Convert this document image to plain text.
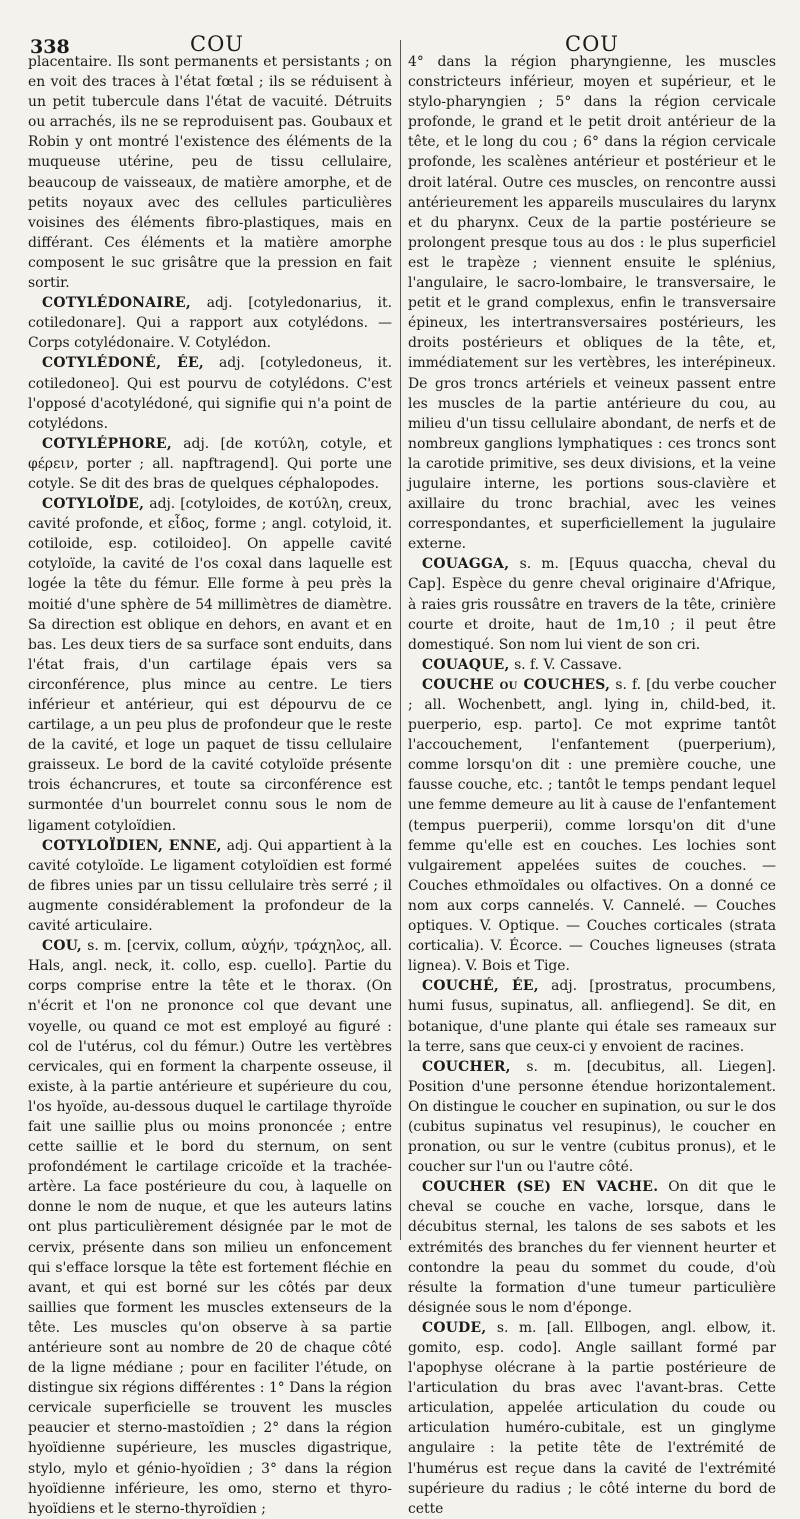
338	COU	COU

placentaire. Ils sont permanents et persistants ; on en voit des traces à l'état fœtal ; ils se réduisent à un petit tubercule dans l'état de vacuité. Détruits ou arrachés, ils ne se reproduisent pas. Goubaux et Robin y ont montré l'existence des éléments de la muqueuse utérine, peu de tissu cellulaire, beaucoup de vaisseaux, de matière amorphe, et de petits noyaux avec des cellules particulières voisines des éléments fibro-plastiques, mais en différant. Ces éléments et la matière amorphe composent le suc grisâtre que la pression en fait sortir.

COTYLÉDONAIRE, adj. [cotyledonarius, it. cotiledonare]. Qui a rapport aux cotylédons. — Corps cotylédonaire. V. Cotylédon.

COTYLÉDONÉ, ÉE, adj. [cotyledoneus, it. cotiledoneo]. Qui est pourvu de cotylédons. C'est l'opposé d'acotylédoné, qui signifie qui n'a point de cotylédons.

COTYLÉPHORE, adj. [de κοτύλη, cotyle, et φέρειν, porter ; all. napftragend]. Qui porte une cotyle. Se dit des bras de quelques céphalopodes.

COTYLOÏDE, adj. [cotyloides, de κοτύλη, creux, cavité profonde, et εἶδος, forme ; angl. cotyloid, it. cotiloide, esp. cotiloideo]. On appelle cavité cotyloïde, la cavité de l'os coxal dans laquelle est logée la tête du fémur. Elle forme à peu près la moitié d'une sphère de 54 millimètres de diamètre. Sa direction est oblique en dehors, en avant et en bas. Les deux tiers de sa surface sont enduits, dans l'état frais, d'un cartilage épais vers sa circonférence, plus mince au centre. Le tiers inférieur et antérieur, qui est dépourvu de ce cartilage, a un peu plus de profondeur que le reste de la cavité, et loge un paquet de tissu cellulaire graisseux. Le bord de la cavité cotyloïde présente trois échancrures, et toute sa circonférence est surmontée d'un bourrelet connu sous le nom de ligament cotyloïdien.

COTYLOÏDIEN, ENNE, adj. Qui appartient à la cavité cotyloïde. Le ligament cotyloïdien est formé de fibres unies par un tissu cellulaire très serré ; il augmente considérablement la profondeur de la cavité articulaire.

COU, s. m. [cervix, collum, αὐχήν, τράχηλος, all. Hals, angl. neck, it. collo, esp. cuello]. Partie du corps comprise entre la tête et le thorax. (On n'écrit et l'on ne prononce col que devant une voyelle, ou quand ce mot est employé au figuré : col de l'utérus, col du fémur.) Outre les vertèbres cervicales, qui en forment la charpente osseuse, il existe, à la partie antérieure et supérieure du cou, l'os hyoïde, au-dessous duquel le cartilage thyroïde fait une saillie plus ou moins prononcée ; entre cette saillie et le bord du sternum, on sent profondément le cartilage cricoïde et la trachée-artère. La face postérieure du cou, à laquelle on donne le nom de nuque, et que les auteurs latins ont plus particulièrement désignée par le mot de cervix, présente dans son milieu un enfoncement qui s'efface lorsque la tête est fortement fléchie en avant, et qui est borné sur les côtés par deux saillies que forment les muscles extenseurs de la tête. Les muscles qu'on observe à sa partie antérieure sont au nombre de 20 de chaque côté de la ligne médiane ; pour en faciliter l'étude, on distingue six régions différentes : 1° Dans la région cervicale superficielle se trouvent les muscles peaucier et sterno-mastoïdien ; 2° dans la région hyoïdienne supérieure, les muscles digastrique, stylo, mylo et génio-hyoïdien ; 3° dans la région hyoïdienne inférieure, les omo, sterno et thyro-hyoïdiens et le sterno-thyroïdien ;

4° dans la région pharyngienne, les muscles constricteurs inférieur, moyen et supérieur, et le stylo-pharyngien ; 5° dans la région cervicale profonde, le grand et le petit droit antérieur de la tête, et le long du cou ; 6° dans la région cervicale profonde, les scalènes antérieur et postérieur et le droit latéral. Outre ces muscles, on rencontre aussi antérieurement les appareils musculaires du larynx et du pharynx. Ceux de la partie postérieure se prolongent presque tous au dos : le plus superficiel est le trapèze ; viennent ensuite le splénius, l'angulaire, le sacro-lombaire, le transversaire, le petit et le grand complexus, enfin le transversaire épineux, les intertransversaires postérieurs, les droits postérieurs et obliques de la tête, et, immédiatement sur les vertèbres, les interépineux. De gros troncs artériels et veineux passent entre les muscles de la partie antérieure du cou, au milieu d'un tissu cellulaire abondant, de nerfs et de nombreux ganglions lymphatiques : ces troncs sont la carotide primitive, ses deux divisions, et la veine jugulaire interne, les portions sous-clavière et axillaire du tronc brachial, avec les veines correspondantes, et superficiellement la jugulaire externe.

COUAGGA, s. m. [Equus quaccha, cheval du Cap]. Espèce du genre cheval originaire d'Afrique, à raies gris roussâtre en travers de la tête, crinière courte et droite, haut de 1m,10 ; il peut être domestiqué. Son nom lui vient de son cri.

COUAQUE, s. f. V. Cassave.

COUCHE ou COUCHES, s. f. [du verbe coucher ; all. Wochenbett, angl. lying in, child-bed, it. puerperio, esp. parto]. Ce mot exprime tantôt l'accouchement, l'enfantement (puerperium), comme lorsqu'on dit : une première couche, une fausse couche, etc. ; tantôt le temps pendant lequel une femme demeure au lit à cause de l'enfantement (tempus puerperii), comme lorsqu'on dit d'une femme qu'elle est en couches. Les lochies sont vulgairement appelées suites de couches. — Couches ethmoïdales ou olfactives. On a donné ce nom aux corps cannelés. V. Cannelé. — Couches optiques. V. Optique. — Couches corticales (strata corticalia). V. Écorce. — Couches ligneuses (strata lignea). V. Bois et Tige.

COUCHÉ, ÉE, adj. [prostratus, procumbens, humi fusus, supinatus, all. anfliegend]. Se dit, en botanique, d'une plante qui étale ses rameaux sur la terre, sans que ceux-ci y envoient de racines.

COUCHER, s. m. [decubitus, all. Liegen]. Position d'une personne étendue horizontalement. On distingue le coucher en supination, ou sur le dos (cubitus supinatus vel resupinus), le coucher en pronation, ou sur le ventre (cubitus pronus), et le coucher sur l'un ou l'autre côté.

COUCHER (SE) EN VACHE. On dit que le cheval se couche en vache, lorsque, dans le décubitus sternal, les talons de ses sabots et les extrémités des branches du fer viennent heurter et contondre la peau du sommet du coude, d'où résulte la formation d'une tumeur particulière désignée sous le nom d'éponge.

COUDE, s. m. [all. Ellbogen, angl. elbow, it. gomito, esp. codo]. Angle saillant formé par l'apophyse olécrane à la partie postérieure de l'articulation du bras avec l'avant-bras. Cette articulation, appelée articulation du coude ou articulation huméro-cubitale, est un ginglyme angulaire : la petite tête de l'extrémité de l'humérus est reçue dans la cavité de l'extrémité supérieure du radius ; le côté interne du bord de cette
